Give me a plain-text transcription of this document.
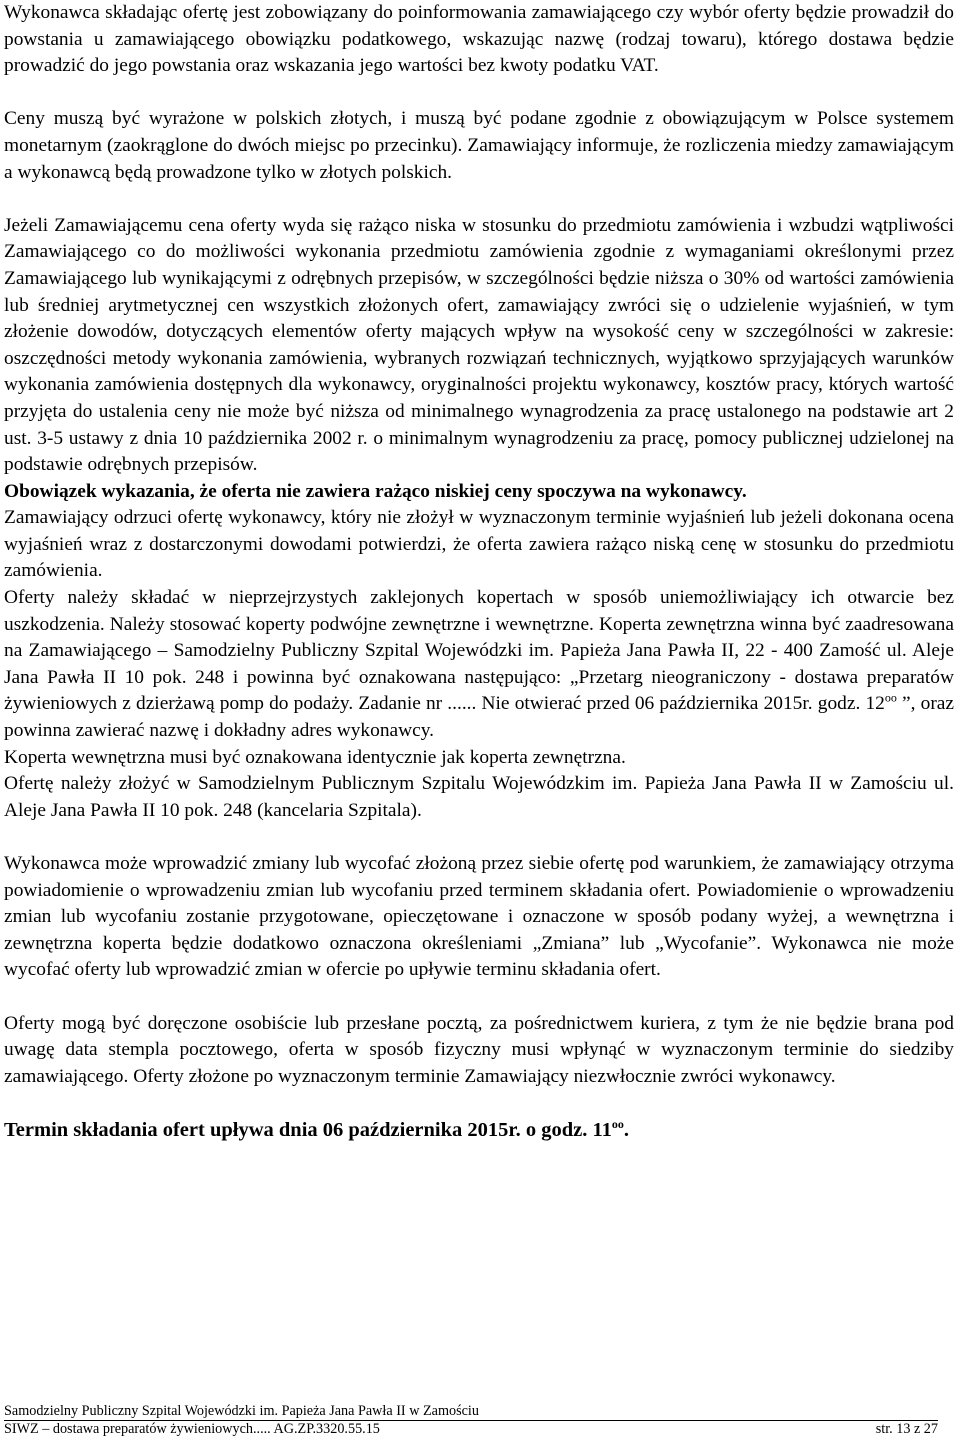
Wykonawca składając ofertę jest zobowiązany do poinformowania zamawiającego czy wybór oferty będzie prowadził do powstania u zamawiającego obowiązku podatkowego, wskazując nazwę (rodzaj towaru), którego dostawa będzie prowadzić do jego powstania oraz wskazania jego wartości bez kwoty podatku VAT.

Ceny muszą być wyrażone w polskich złotych, i muszą być podane zgodnie z obowiązującym w Polsce systemem monetarnym (zaokrąglone do dwóch miejsc po przecinku). Zamawiający informuje, że rozliczenia miedzy zamawiającym a wykonawcą będą prowadzone tylko w złotych polskich.

Jeżeli Zamawiającemu cena oferty wyda się rażąco niska w stosunku do przedmiotu zamówienia i wzbudzi wątpliwości Zamawiającego co do możliwości wykonania przedmiotu zamówienia zgodnie z wymaganiami określonymi przez Zamawiającego lub wynikającymi z odrębnych przepisów, w szczególności będzie niższa o 30% od wartości zamówienia lub średniej arytmetycznej cen wszystkich złożonych ofert, zamawiający zwróci się o udzielenie wyjaśnień, w tym złożenie dowodów, dotyczących elementów oferty mających wpływ na wysokość ceny w szczególności w zakresie: oszczędności metody wykonania zamówienia, wybranych rozwiązań technicznych, wyjątkowo sprzyjających warunków wykonania zamówienia dostępnych dla wykonawcy, oryginalności projektu wykonawcy, kosztów pracy, których wartość przyjęta do ustalenia ceny nie może być niższa od minimalnego wynagrodzenia za pracę ustalonego na podstawie art 2 ust. 3-5 ustawy z dnia 10 października 2002 r. o minimalnym wynagrodzeniu za pracę, pomocy publicznej udzielonej na podstawie odrębnych przepisów.

Obowiązek wykazania, że oferta nie zawiera rażąco niskiej ceny spoczywa na wykonawcy.

Zamawiający odrzuci ofertę wykonawcy, który nie złożył w wyznaczonym terminie wyjaśnień lub jeżeli dokonana ocena wyjaśnień wraz z dostarczonymi dowodami potwierdzi, że oferta zawiera rażąco niską cenę w stosunku do przedmiotu zamówienia.

Oferty należy składać w nieprzejrzystych zaklejonych kopertach w sposób uniemożliwiający ich otwarcie bez uszkodzenia. Należy stosować koperty podwójne zewnętrzne i wewnętrzne. Koperta zewnętrzna winna być zaadresowana na Zamawiającego – Samodzielny Publiczny Szpital Wojewódzki im. Papieża Jana Pawła II, 22 - 400 Zamość ul. Aleje Jana Pawła II 10 pok. 248 i powinna być oznakowana następująco: „Przetarg nieograniczony - dostawa preparatów żywieniowych z dzierżawą pomp do podaży. Zadanie nr ...... Nie otwierać przed 06 października 2015r. godz. $12^{oo}$ ”, oraz powinna zawierać nazwę i dokładny adres wykonawcy.

Koperta wewnętrzna musi być oznakowana identycznie jak koperta zewnętrzna.

Ofertę należy złożyć w Samodzielnym Publicznym Szpitalu Wojewódzkim im. Papieża Jana Pawła II w Zamościu ul. Aleje Jana Pawła II 10 pok. 248 (kancelaria Szpitala).

Wykonawca może wprowadzić zmiany lub wycofać złożoną przez siebie ofertę pod warunkiem, że zamawiający otrzyma powiadomienie o wprowadzeniu zmian lub wycofaniu przed terminem składania ofert. Powiadomienie o wprowadzeniu zmian lub wycofaniu zostanie przygotowane, opieczętowane i oznaczone w sposób podany wyżej, a wewnętrzna i zewnętrzna koperta będzie dodatkowo oznaczona określeniami „Zmiana” lub „Wycofanie”. Wykonawca nie może wycofać oferty lub wprowadzić zmian w ofercie po upływie terminu składania ofert.

Oferty mogą być doręczone osobiście lub przesłane pocztą, za pośrednictwem kuriera, z tym że nie będzie brana pod uwagę data stempla pocztowego, oferta w sposób fizyczny musi wpłynąć w wyznaczonym terminie do siedziby zamawiającego. Oferty złożone po wyznaczonym terminie Zamawiający niezwłocznie zwróci wykonawcy.

Termin składania ofert upływa dnia 06 października 2015r. o godz. $11^{oo}$.

Samodzielny Publiczny Szpital Wojewódzki im. Papieża Jana Pawła II w Zamościu
SIWZ – dostawa preparatów żywieniowych..... AG.ZP.3320.55.15	str. 13 z 27
